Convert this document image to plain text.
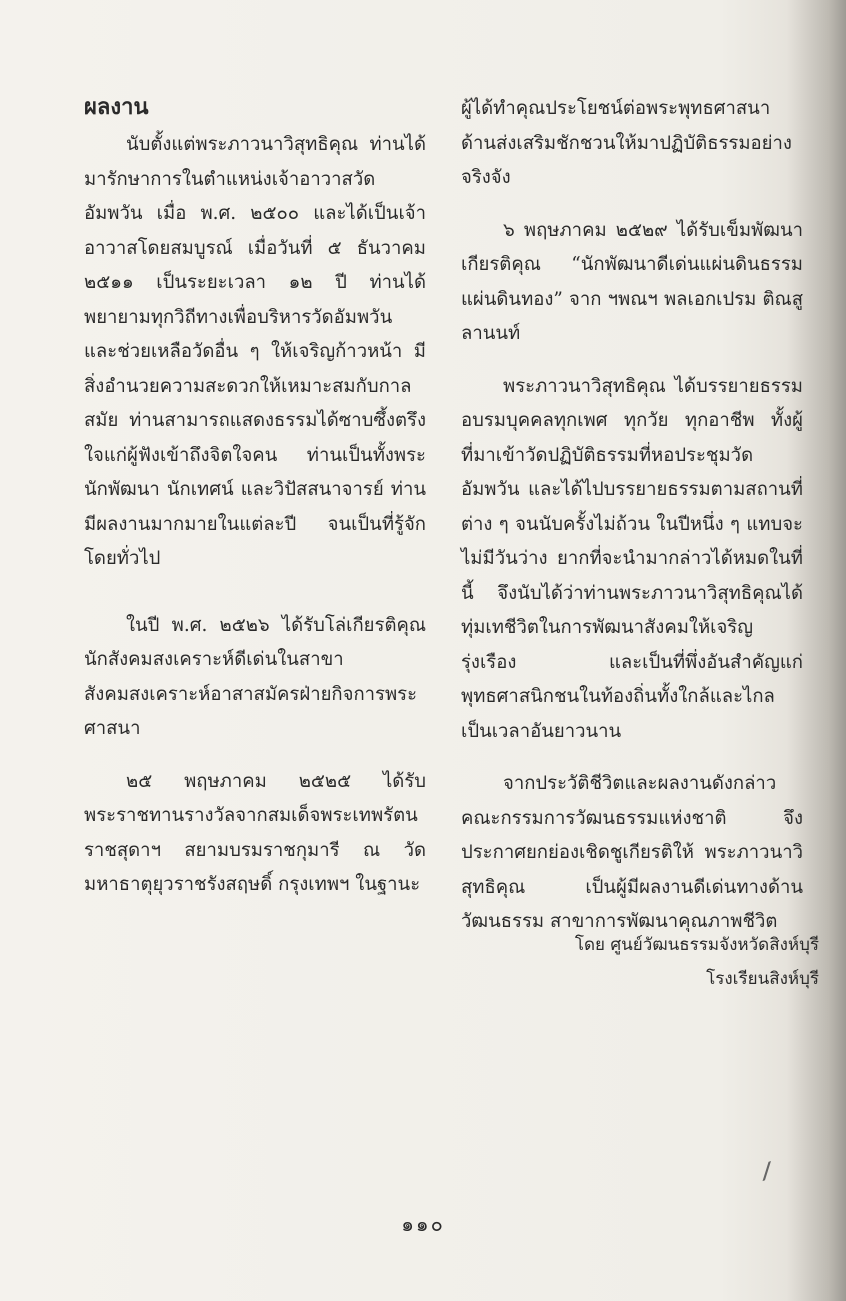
ผลงาน

นับตั้งแต่พระภาวนาวิสุทธิคุณ ท่านได้มารักษาการในตำแหน่งเจ้าอาวาสวัดอัมพวัน เมื่อ พ.ศ. ๒๕๐๐ และได้เป็นเจ้าอาวาสโดยสมบูรณ์ เมื่อวันที่ ๕ ธันวาคม ๒๕๑๑ เป็นระยะเวลา ๑๒ ปี ท่านได้พยายามทุกวิถีทางเพื่อบริหารวัดอัมพวัน และช่วยเหลือวัดอื่น ๆ ให้เจริญก้าวหน้า มีสิ่งอำนวยความสะดวกให้เหมาะสมกับกาลสมัย ท่านสามารถแสดงธรรมได้ซาบซึ้งตรึงใจแก่ผู้ฟังเข้าถึงจิตใจคน ท่านเป็นทั้งพระนักพัฒนา นักเทศน์ และวิปัสสนาจารย์ ท่านมีผลงานมากมายในแต่ละปี จนเป็นที่รู้จักโดยทั่วไป

ในปี พ.ศ. ๒๕๒๖ ได้รับโล่เกียรติคุณนักสังคมสงเคราะห์ดีเด่นในสาขาสังคมสงเคราะห์อาสาสมัครฝ่ายกิจการพระศาสนา

๒๕ พฤษภาคม ๒๕๒๕ ได้รับพระราชทานรางวัลจากสมเด็จพระเทพรัตนราชสุดาฯ สยามบรมราชกุมารี ณ วัดมหาธาตุยุวราชรังสฤษดิ์ กรุงเทพฯ ในฐานะ

ผู้ได้ทำคุณประโยชน์ต่อพระพุทธศาสนา ด้านส่งเสริมชักชวนให้มาปฏิบัติธรรมอย่างจริงจัง

๖ พฤษภาคม ๒๕๒๙ ได้รับเข็มพัฒนาเกียรติคุณ “นักพัฒนาดีเด่นแผ่นดินธรรมแผ่นดินทอง” จาก ฯพณฯ พลเอกเปรม ติณสูลานนท์

พระภาวนาวิสุทธิคุณ ได้บรรยายธรรมอบรมบุคคลทุกเพศ ทุกวัย ทุกอาชีพ ทั้งผู้ที่มาเข้าวัดปฏิบัติธรรมที่หอประชุมวัดอัมพวัน และได้ไปบรรยายธรรมตามสถานที่ต่าง ๆ จนนับครั้งไม่ถ้วน ในปีหนึ่ง ๆ แทบจะไม่มีวันว่าง ยากที่จะนำมากล่าวได้หมดในที่นี้ จึงนับได้ว่าท่านพระภาวนาวิสุทธิคุณได้ทุ่มเทชีวิตในการพัฒนาสังคมให้เจริญรุ่งเรือง และเป็นที่พึ่งอันสำคัญแก่พุทธศาสนิกชนในท้องถิ่นทั้งใกล้และไกล เป็นเวลาอันยาวนาน

จากประวัติชีวิตและผลงานดังกล่าว คณะกรรมการวัฒนธรรมแห่งชาติ จึงประกาศยกย่องเชิดชูเกียรติให้ พระภาวนาวิสุทธิคุณ เป็นผู้มีผลงานดีเด่นทางด้านวัฒนธรรม สาขาการพัฒนาคุณภาพชีวิต

โดย ศูนย์วัฒนธรรมจังหวัดสิงห์บุรี
โรงเรียนสิงห์บุรี
ⳇ
๑๑๐
